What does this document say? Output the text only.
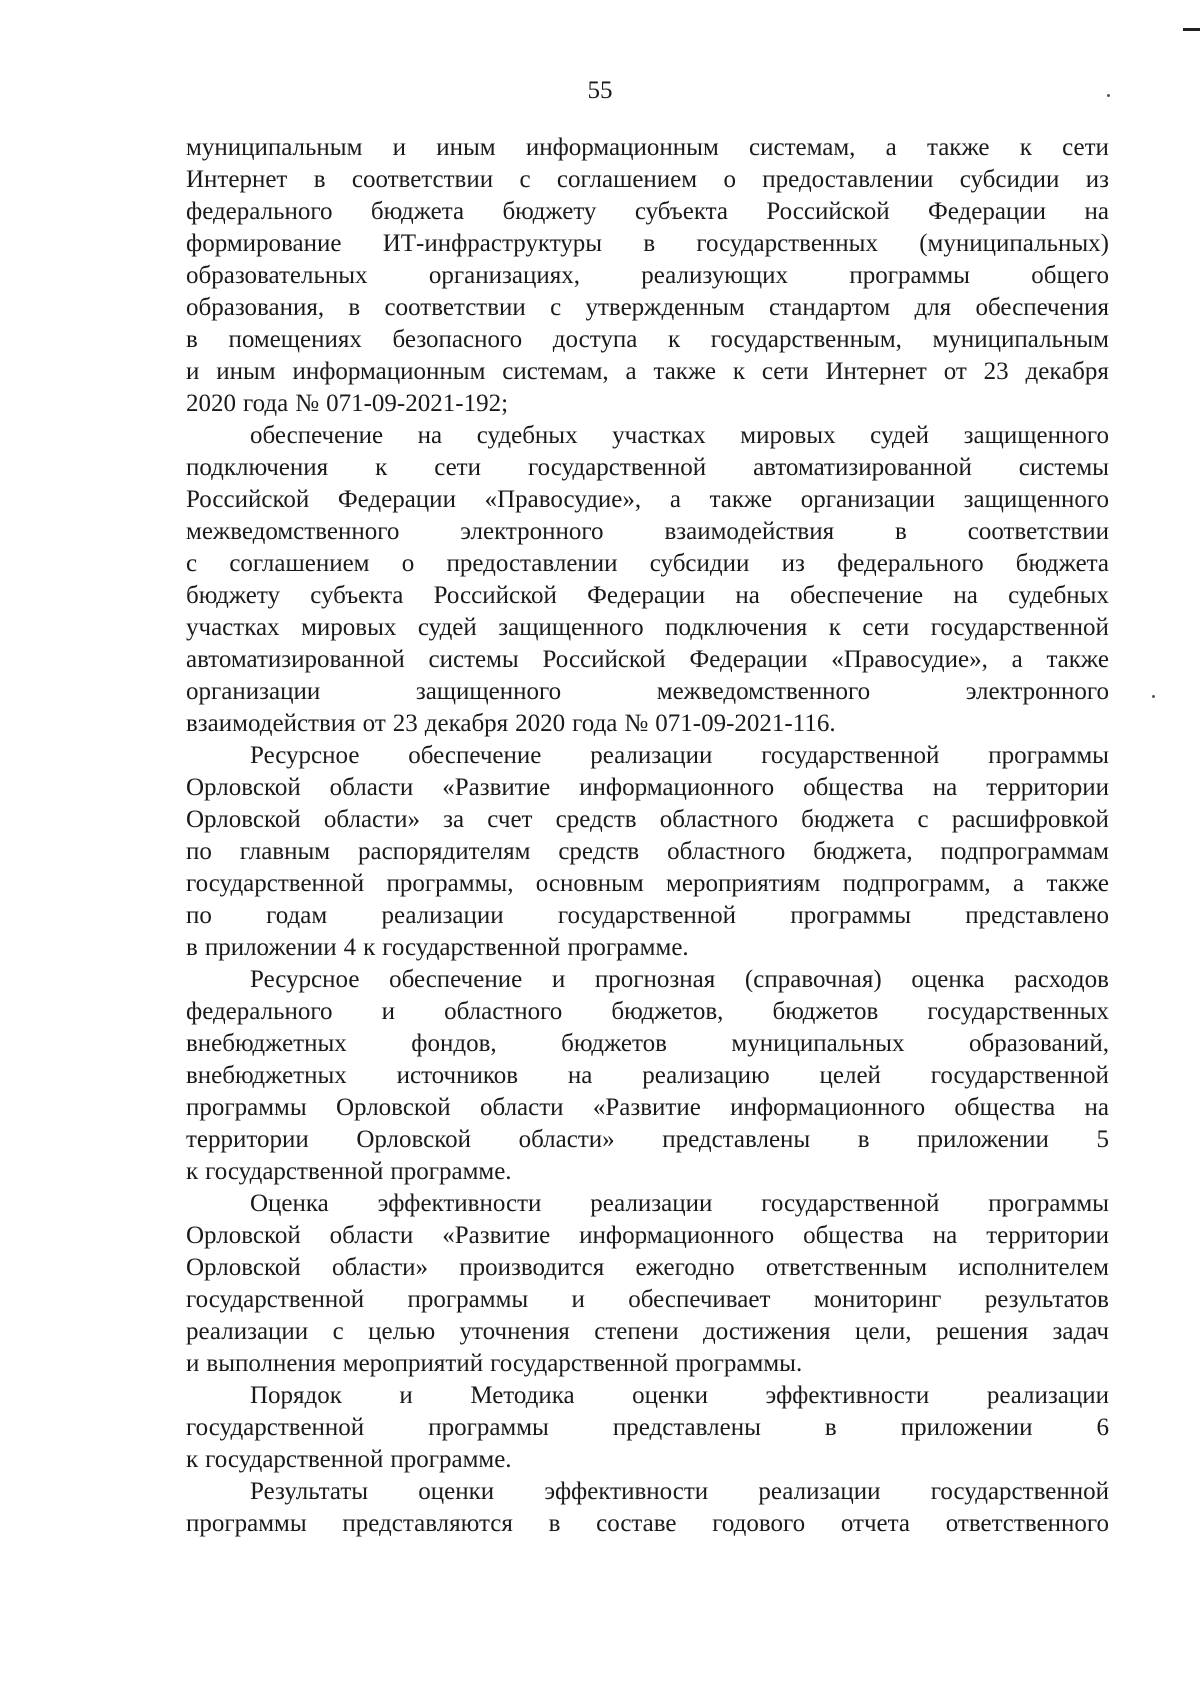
55
муниципальным и иным информационным системам, а также к сети
Интернет в соответствии с соглашением о предоставлении субсидии из
федерального бюджета бюджету субъекта Российской Федерации на
формирование ИТ-инфраструктуры в государственных (муниципальных)
образовательных организациях, реализующих программы общего
образования, в соответствии с утвержденным стандартом для обеспечения
в помещениях безопасного доступа к государственным, муниципальным
и иным информационным системам, а также к сети Интернет от 23 декабря
2020 года № 071-09-2021-192;
обеспечение на судебных участках мировых судей защищенного
подключения к сети государственной автоматизированной системы
Российской Федерации «Правосудие», а также организации защищенного
межведомственного электронного взаимодействия в соответствии
с соглашением о предоставлении субсидии из федерального бюджета
бюджету субъекта Российской Федерации на обеспечение на судебных
участках мировых судей защищенного подключения к сети государственной
автоматизированной системы Российской Федерации «Правосудие», а также
организации	защищенного	межведомственного	электронного
взаимодействия от 23 декабря 2020 года № 071-09-2021-116.
Ресурсное обеспечение реализации государственной программы
Орловской области «Развитие информационного общества на территории
Орловской области» за счет средств областного бюджета с расшифровкой
по главным распорядителям средств областного бюджета, подпрограммам
государственной программы, основным мероприятиям подпрограмм, а также
по годам реализации государственной программы представлено
в приложении 4 к государственной программе.
Ресурсное обеспечение и прогнозная (справочная) оценка расходов
федерального и областного бюджетов, бюджетов государственных
внебюджетных	фондов,	бюджетов	муниципальных	образований,
внебюджетных источников на реализацию целей государственной
программы Орловской области «Развитие информационного общества на
территории Орловской области» представлены в приложении 5
к государственной программе.
Оценка эффективности реализации государственной программы
Орловской области «Развитие информационного общества на территории
Орловской области» производится ежегодно ответственным исполнителем
государственной программы и обеспечивает мониторинг результатов
реализации с целью уточнения степени достижения цели, решения задач
и выполнения мероприятий государственной программы.
Порядок и Методика оценки эффективности реализации
государственной	программы	представлены	в	приложении	6
к государственной программе.
Результаты оценки эффективности реализации государственной
программы представляются в составе годового отчета ответственного
